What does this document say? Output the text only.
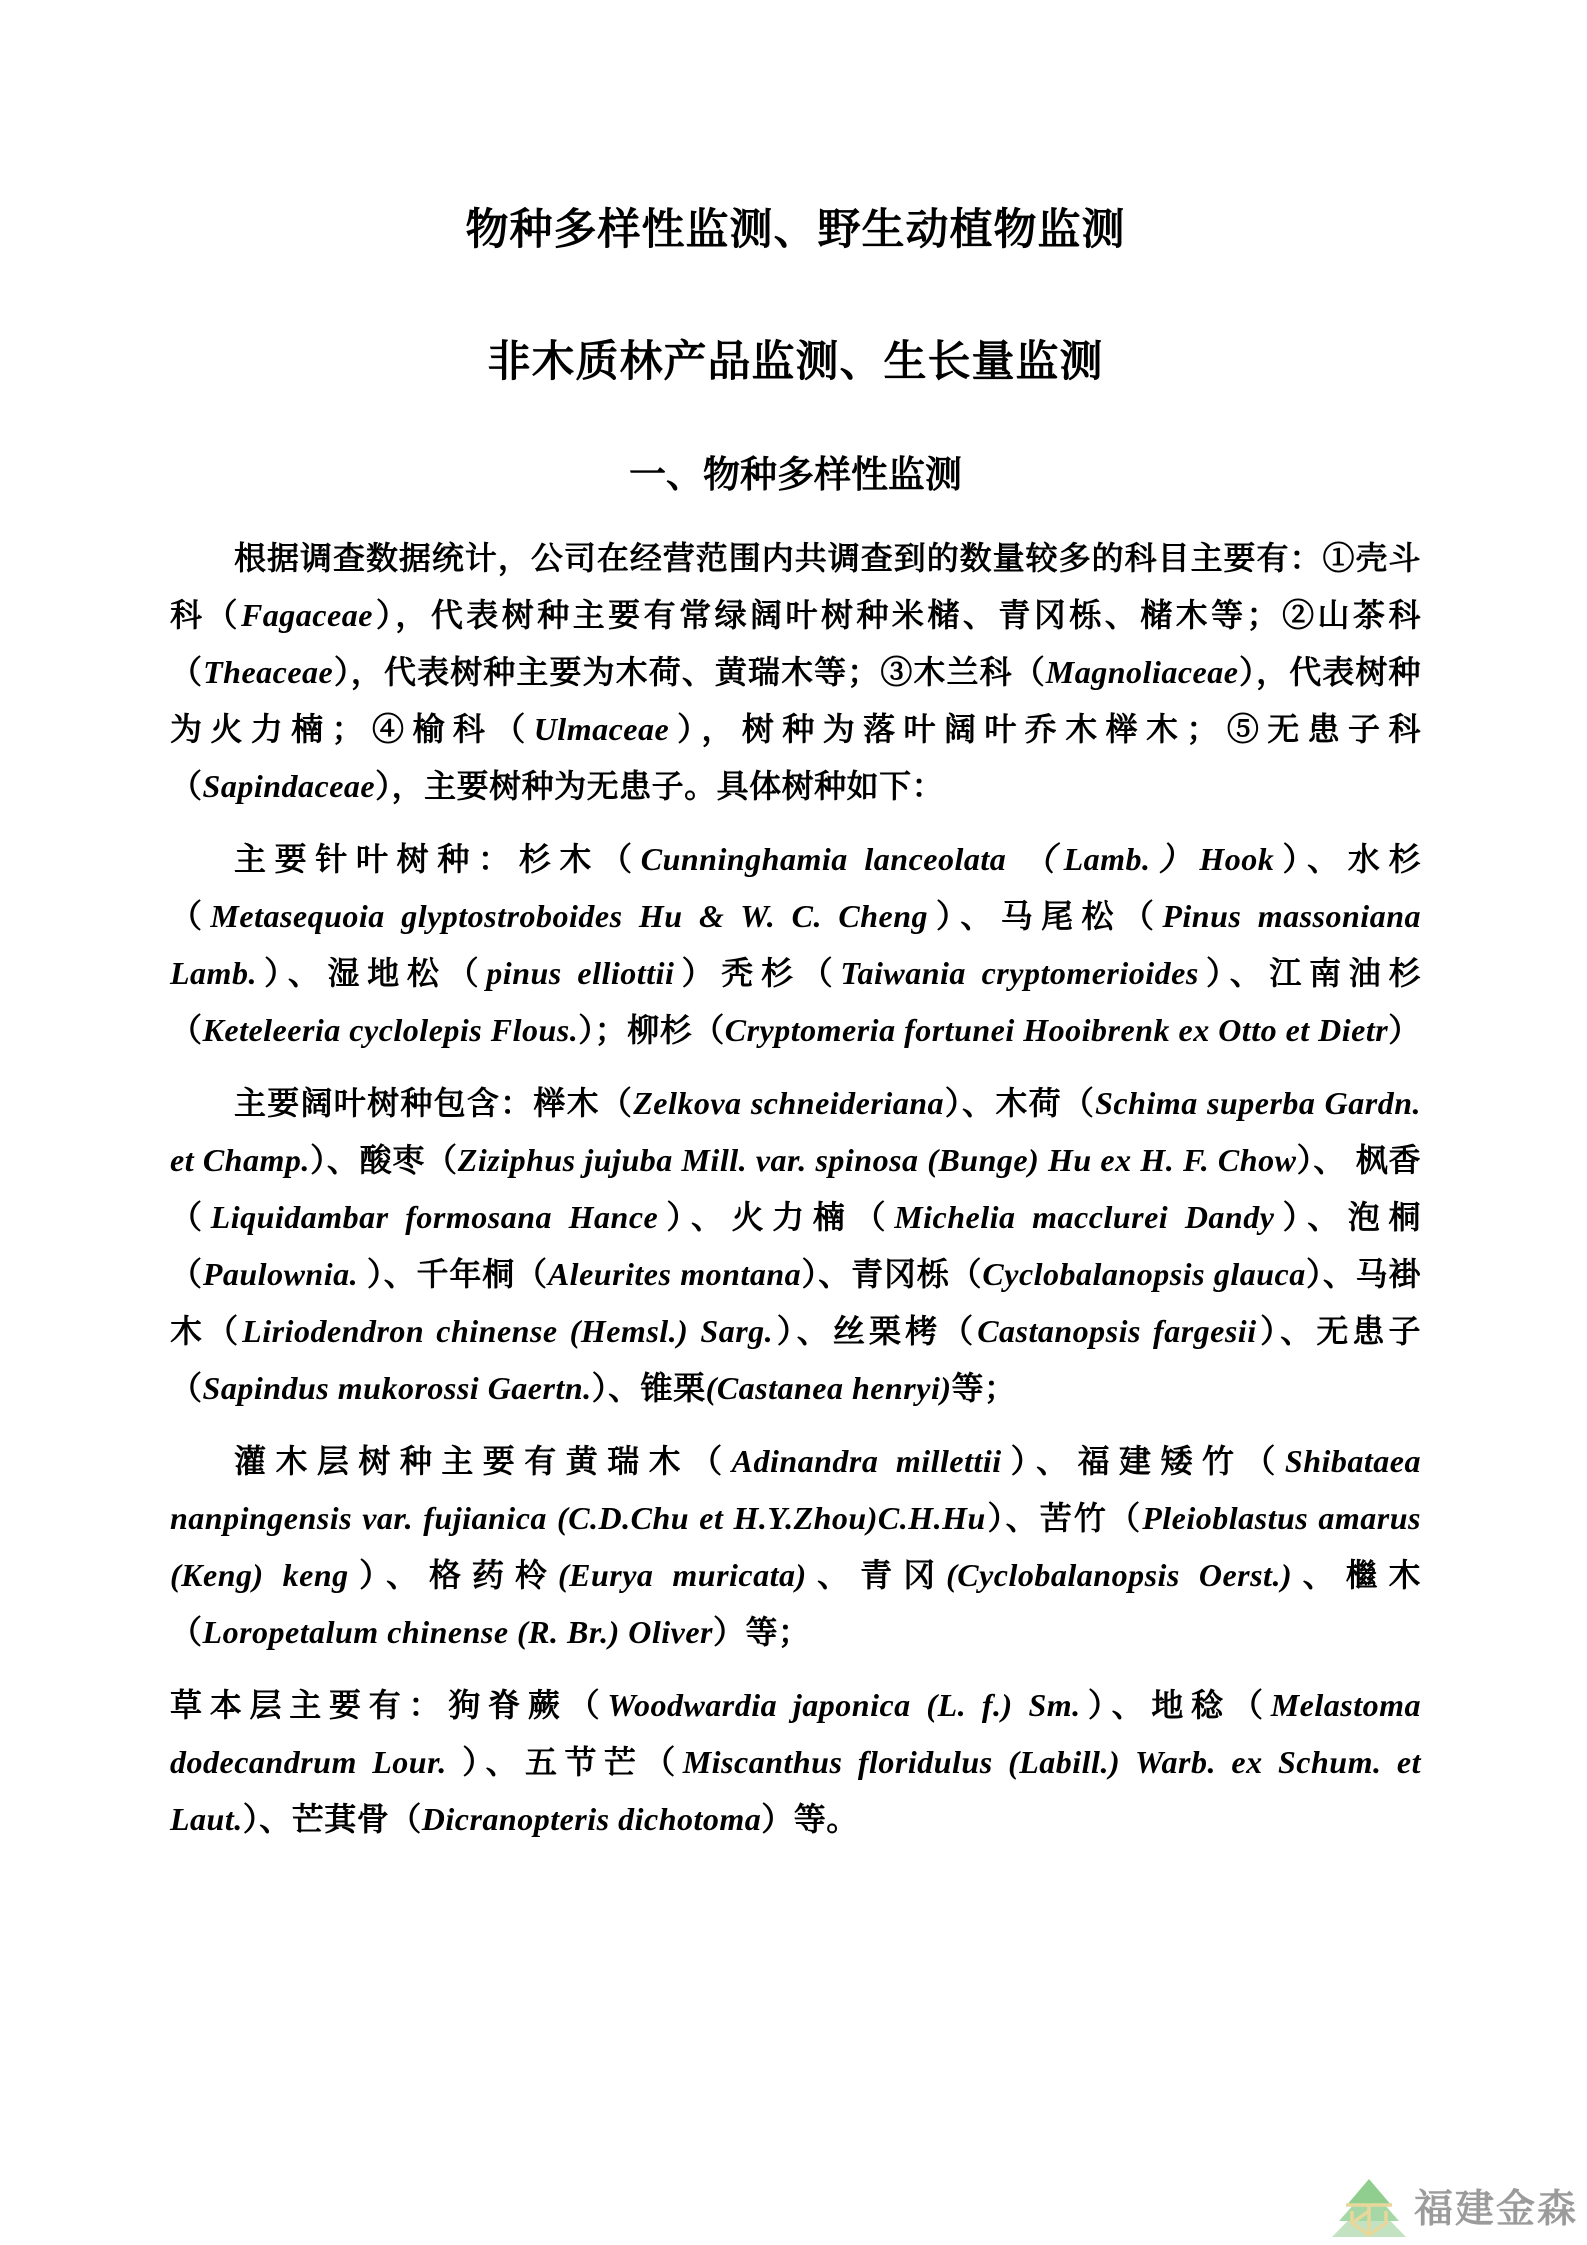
物种多样性监测、野生动植物监测
非木质林产品监测、生长量监测
一、物种多样性监测

根据调查数据统计，公司在经营范围内共调查到的数量较多的科目主要有：①壳斗科（Fagaceae），代表树种主要有常绿阔叶树种米槠、青冈栎、槠木等；②山茶科（Theaceae），代表树种主要为木荷、黄瑞木等；③木兰科（Magnoliaceae），代表树种为火力楠；④榆科（Ulmaceae），树种为落叶阔叶乔木榉木；⑤无患子科（Sapindaceae），主要树种为无患子。具体树种如下：

主要针叶树种：杉木（Cunninghamia lanceolata （Lamb.）Hook）、水杉（Metasequoia glyptostroboides Hu & W. C. Cheng）、马尾松（Pinus massoniana Lamb.）、湿地松（pinus elliottii）秃杉（Taiwania cryptomerioides）、江南油杉（Keteleeria cyclolepis Flous.）；柳杉（Cryptomeria fortunei Hooibrenk ex Otto et Dietr）

主要阔叶树种包含：榉木（Zelkova schneideriana）、木荷（Schima superba Gardn. et Champ.）、酸枣（Ziziphus jujuba Mill. var. spinosa (Bunge) Hu ex H. F. Chow）、 枫香（Liquidambar formosana Hance）、火力楠（Michelia macclurei Dandy）、泡桐（Paulownia. ）、千年桐（Aleurites montana）、青冈栎（Cyclobalanopsis glauca）、马褂木（Liriodendron chinense (Hemsl.) Sarg.）、丝栗栲（Castanopsis fargesii）、无患子（Sapindus mukorossi Gaertn.）、锥栗(Castanea henryi)等；

灌木层树种主要有黄瑞木（Adinandra millettii）、福建矮竹（Shibataea nanpingensis var. fujianica (C.D.Chu et H.Y.Zhou)C.H.Hu）、苦竹（Pleioblastus amarus (Keng) keng）、格药柃(Eurya muricata)、青冈(Cyclobalanopsis Oerst.)、檵木（Loropetalum chinense (R. Br.) Oliver）等；

草本层主要有：狗脊蕨（Woodwardia japonica (L. f.) Sm.）、地稔（Melastoma dodecandrum Lour. ）、五节芒（Miscanthus floridulus (Labill.) Warb. ex Schum. et Laut.）、芒萁骨（Dicranopteris dichotoma）等。

福建金森
